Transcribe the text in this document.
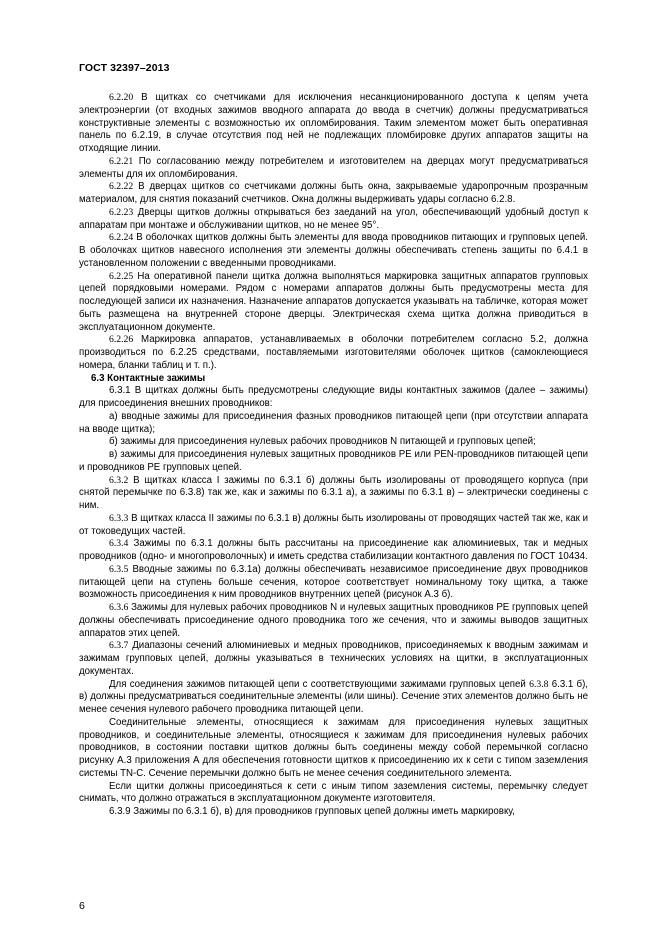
ГОСТ 32397–2013

6.2.20 В щитках со счетчиками для исключения несанкционированного доступа к цепям учета электроэнергии (от входных зажимов вводного аппарата до ввода в счетчик) должны предусматриваться конструктивные элементы с возможностью их опломбирования. Таким элементом может быть оперативная панель по 6.2.19, в случае отсутствия под ней не подлежащих пломбировке других аппаратов защиты на отходящие линии.

6.2.21 По согласованию между потребителем и изготовителем на дверцах могут предусматриваться элементы для их опломбирования.

6.2.22 В дверцах щитков со счетчиками должны быть окна, закрываемые ударопрочным прозрачным материалом, для снятия показаний счетчиков. Окна должны выдерживать удары согласно 6.2.8.

6.2.23 Дверцы щитков должны открываться без заеданий на угол, обеспечивающий удобный доступ к аппаратам при монтаже и обслуживании щитков, но не менее 95°.

6.2.24 В оболочках щитков должны быть элементы для ввода проводников питающих и групповых цепей. В оболочках щитков навесного исполнения эти элементы должны обеспечивать степень защиты по 6.4.1 в установленном положении с введенными проводниками.

6.2.25 На оперативной панели щитка должна выполняться маркировка защитных аппаратов групповых цепей порядковыми номерами. Рядом с номерами аппаратов должны быть предусмотрены места для последующей записи их назначения. Назначение аппаратов допускается указывать на табличке, которая может быть размещена на внутренней стороне дверцы. Электрическая схема щитка должна приводиться в эксплуатационном документе.

6.2.26 Маркировка аппаратов, устанавливаемых в оболочки потребителем согласно 5.2, должна производиться по 6.2.25 средствами, поставляемыми изготовителями оболочек щитков (самоклеющиеся номера, бланки таблиц и т. п.).

6.3 Контактные зажимы

6.3.1 В щитках должны быть предусмотрены следующие виды контактных зажимов (далее – зажимы) для присоединения внешних проводников:

а) вводные зажимы для присоединения фазных проводников питающей цепи (при отсутствии аппарата на вводе щитка);

б) зажимы для присоединения нулевых рабочих проводников N питающей и групповых цепей;

в) зажимы для присоединения нулевых защитных проводников PE или PEN-проводников питающей цепи и проводников PE групповых цепей.

6.3.2 В щитках класса I зажимы по 6.3.1 б) должны быть изолированы от проводящего корпуса (при снятой перемычке по 6.3.8) так же, как и зажимы по 6.3.1 а), а зажимы по 6.3.1 в) – электрически соединены с ним.

6.3.3 В щитках класса II зажимы по 6.3.1 в) должны быть изолированы от проводящих частей так же, как и от токоведущих частей.

6.3.4 Зажимы по 6.3.1 должны быть рассчитаны на присоединение как алюминиевых, так и медных проводников (одно- и многопроволочных) и иметь средства стабилизации контактного давления по ГОСТ 10434.

6.3.5 Вводные зажимы по 6.3.1а) должны обеспечивать независимое присоединение двух проводников питающей цепи на ступень больше сечения, которое соответствует номинальному току щитка, а также возможность присоединения к ним проводников внутренних цепей (рисунок А.3 б).

6.3.6 Зажимы для нулевых рабочих проводников N и нулевых защитных проводников PE групповых цепей должны обеспечивать присоединение одного проводника того же сечения, что и зажимы выводов защитных аппаратов этих цепей.

6.3.7 Диапазоны сечений алюминиевых и медных проводников, присоединяемых к вводным зажимам и зажимам групповых цепей, должны указываться в технических условиях на щитки, в эксплуатационных документах.

Для соединения зажимов питающей цепи с соответствующими зажимами групповых цепей 6.3.8 6.3.1 б), в) должны предусматриваться соединительные элементы (или шины). Сечение этих элементов должно быть не менее сечения нулевого рабочего проводника питающей цепи.

Соединительные элементы, относящиеся к зажимам для присоединения нулевых защитных проводников, и соединительные элементы, относящиеся к зажимам для присоединения нулевых рабочих проводников, в состоянии поставки щитков должны быть соединены между собой перемычкой согласно рисунку А.3 приложения А для обеспечения готовности щитков к присоединению их к сети с типом заземления системы TN-C. Сечение перемычки должно быть не менее сечения соединительного элемента.

Если щитки должны присоединяться к сети с иным типом заземления системы, перемычку следует снимать, что должно отражаться в эксплуатационном документе изготовителя.

6.3.9 Зажимы по 6.3.1 б), в) для проводников групповых цепей должны иметь маркировку,

6
